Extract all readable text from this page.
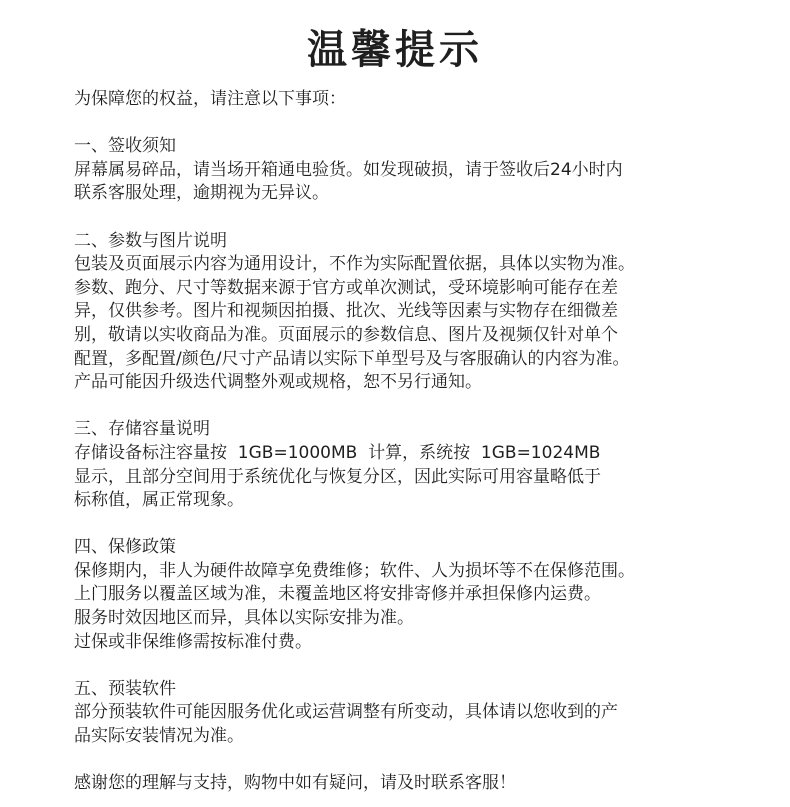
温馨提示
为保障您的权益，请注意以下事项：
一、签收须知
屏幕属易碎品，请当场开箱通电验货。如发现破损，请于签收后24小时内
联系客服处理，逾期视为无异议。
二、参数与图片说明
包装及页面展示内容为通用设计，不作为实际配置依据，具体以实物为准。
参数、跑分、尺寸等数据来源于官方或单次测试，受环境影响可能存在差
异，仅供参考。图片和视频因拍摄、批次、光线等因素与实物存在细微差
别，敬请以实收商品为准。页面展示的参数信息、图片及视频仅针对单个
配置，多配置/颜色/尺寸产品请以实际下单型号及与客服确认的内容为准。
产品可能因升级迭代调整外观或规格，恕不另行通知。
三、存储容量说明
存储设备标注容量按  1GB=1000MB  计算，系统按  1GB=1024MB
显示，且部分空间用于系统优化与恢复分区，因此实际可用容量略低于
标称值，属正常现象。
四、保修政策
保修期内，非人为硬件故障享免费维修；软件、人为损坏等不在保修范围。
上门服务以覆盖区域为准，未覆盖地区将安排寄修并承担保修内运费。
服务时效因地区而异，具体以实际安排为准。
过保或非保维修需按标准付费。
五、预装软件
部分预装软件可能因服务优化或运营调整有所变动，具体请以您收到的产
品实际安装情况为准。
感谢您的理解与支持，购物中如有疑问，请及时联系客服！
